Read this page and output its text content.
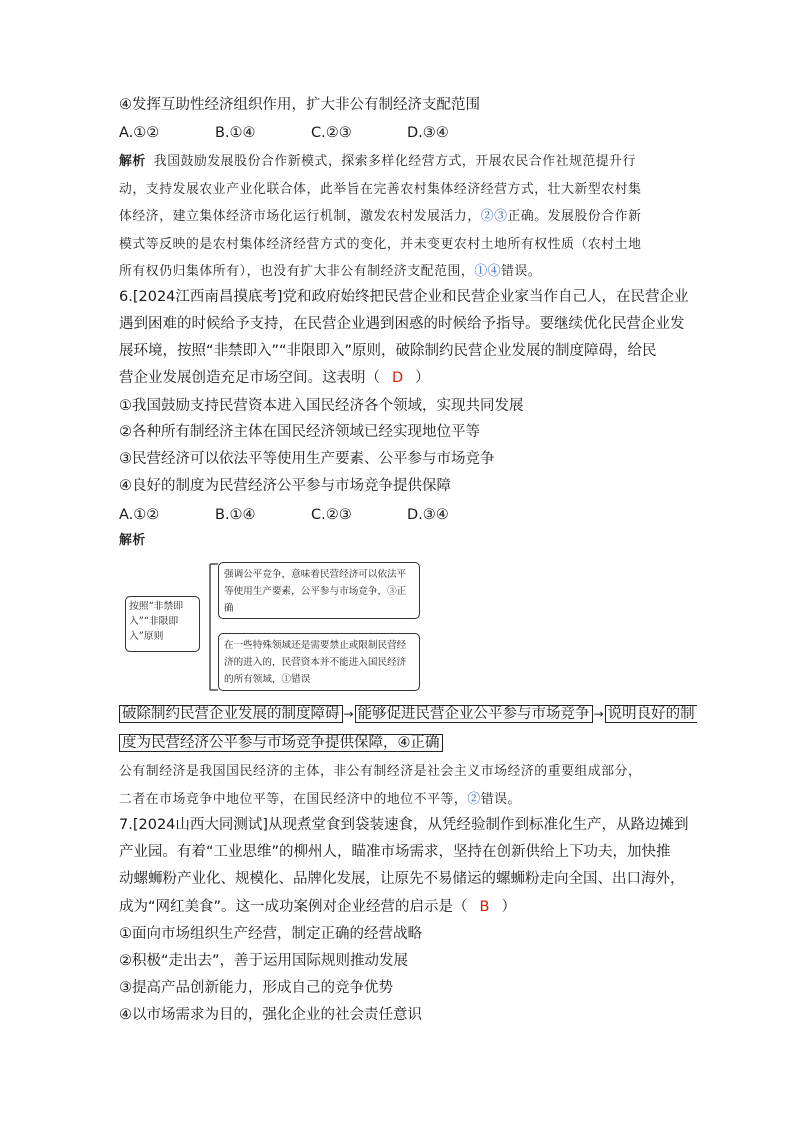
④发挥互助性经济组织作用，扩大非公有制经济支配范围
A.①②	B.①④	C.②③	D.③④
解析 我国鼓励发展股份合作新模式，探索多样化经营方式，开展农民合作社规范提升行
动，支持发展农业产业化联合体，此举旨在完善农村集体经济经营方式，壮大新型农村集
体经济，建立集体经济市场化运行机制，激发农村发展活力，②③正确。发展股份合作新
模式等反映的是农村集体经济经营方式的变化，并未变更农村土地所有权性质（农村土地
所有权仍归集体所有），也没有扩大非公有制经济支配范围，①④错误。
6.[2024江西南昌摸底考]党和政府始终把民营企业和民营企业家当作自己人，在民营企业
遇到困难的时候给予支持，在民营企业遇到困惑的时候给予指导。要继续优化民营企业发
展环境，按照“非禁即入”“非限即入”原则，破除制约民营企业发展的制度障碍，给民
营企业发展创造充足市场空间。这表明（ D ）
①我国鼓励支持民营资本进入国民经济各个领域，实现共同发展
②各种所有制经济主体在国民经济领域已经实现地位平等
③民营经济可以依法平等使用生产要素、公平参与市场竞争
④良好的制度为民营经济公平参与市场竞争提供保障
A.①②	B.①④	C.②③	D.③④
解析
按照“非禁即入”“非限即入”原则
强调公平竞争，意味着民营经济可以依法平等使用生产要素，公平参与市场竞争，③正确
在一些特殊领域还是需要禁止或限制民营经济的进入的，民营资本并不能进入国民经济的所有领域，①错误
破除制约民营企业发展的制度障碍 → 能够促进民营企业公平参与市场竞争 → 说明良好的制
度为民营经济公平参与市场竞争提供保障，④正确
公有制经济是我国国民经济的主体，非公有制经济是社会主义市场经济的重要组成部分，
二者在市场竞争中地位平等，在国民经济中的地位不平等，②错误。
7.[2024山西大同测试]从现煮堂食到袋装速食，从凭经验制作到标准化生产，从路边摊到
产业园。有着“工业思维”的柳州人，瞄准市场需求，坚持在创新供给上下功夫，加快推
动螺蛳粉产业化、规模化、品牌化发展，让原先不易储运的螺蛳粉走向全国、出口海外，
成为“网红美食”。这一成功案例对企业经营的启示是（ B ）
①面向市场组织生产经营，制定正确的经营战略
②积极“走出去”，善于运用国际规则推动发展
③提高产品创新能力，形成自己的竞争优势
④以市场需求为目的，强化企业的社会责任意识
